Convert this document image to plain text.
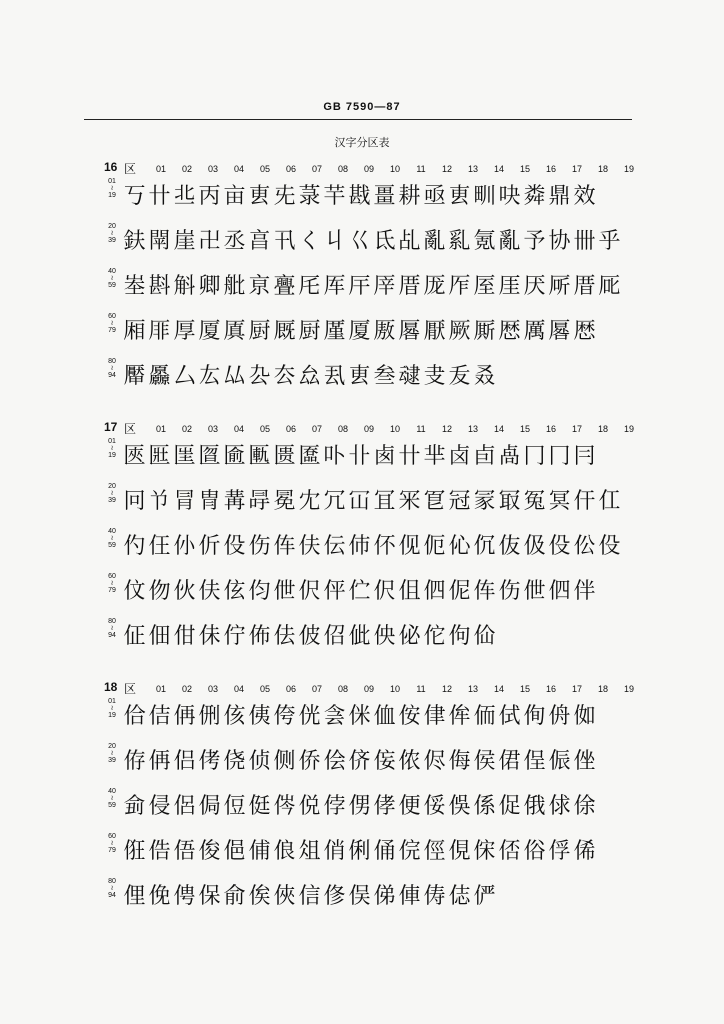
GB 7590—87
汉字分区表
16 区	01	02	03	04	05	06	07	08	09	10	11	12	13	14	15	16	17	18	19
01
≀
19 丂 卄 丠 丙 亩 叀 兂 菉 芉 戡 畺 耕 亟 叀 甽 吷 粦 鼎 效
20
≀
39 鈇 閛 崖 卍 丞 亯 卂 く 丩 巜 氐 乩 亂 乿 氪 亂 予 协 卌 乎
40
≀
59 峚 斟 斛 卿 舭 亰 亹 厇 厍 厈 厗 厝 厐 厏 厔 厓 厌 厛 厝 厑
60
≀
79 厢 厞 厚 厦 厧 厨 厩 厨 厪 厦 厫 厬 厭 厥 厮 厯 厲 厬 厯
80
≀
94 厴 厵 厶 厷 厸 厹 厺 厽 厾 叀 叁 叇 叏 叐 叒
17 区	01	02	03	04	05	06	07	08	09	10	11	12	13	14	15	16	17	18	19
01
≀
19 匧 匨 匩 匫 匬 匭 匮 匲 卟 卝 卥 卄 芈 卤 卣 卨 冂 冂 冃
20
≀
39 冋 兯 冐 冑 冓 冔 冕 冘 冗 冚 冝 冞 冟 冠 冡 冣 冤 冥 仠 仜
40
≀
59 仢 仼 仦 伒 伇 伤 伡 伕 伝 伂 伓 伣 伌 伈 伔 伖 伋 伇 伀 伇
60
≀
79 伩 伆 伙 伕 伭 伨 伳 伬 伻 伫 伬 伹 伵 伲 伡 伤 伳 伵 伴
80
≀
94 佂 佃 佄 佅 佇 佈 佉 佊 佋 佌 佒 佖 佗 佝 佡
18 区	01	02	03	04	05	06	07	08	09	10	11	12	13	14	15	16	17	18	19
01
≀
19 佮 佶 侢 侀 侅 侇 侉 侊 侌 侎 侐 侒 侓 侔 侕 侙 侚 侜 侞
20
≀
39 侟 侢 侣 侤 侥 侦 侧 侨 侩 侪 侫 侬 侭 侮 侯 侰 侱 侲 侳
40
≀
59 侴 侵 侶 侷 侸 侹 侺 侻 侼 侽 侾 便 俀 俁 係 促 俄 俅 俆
60
≀
79 俇 俈 俉 俊 俋 俌 俍 俎 俏 俐 俑 俒 俓 俔 俕 俖 俗 俘 俙
80
≀
94 俚 俛 俜 保 俞 俟 俠 信 俢 俣 俤 俥 俦 俧 俨
